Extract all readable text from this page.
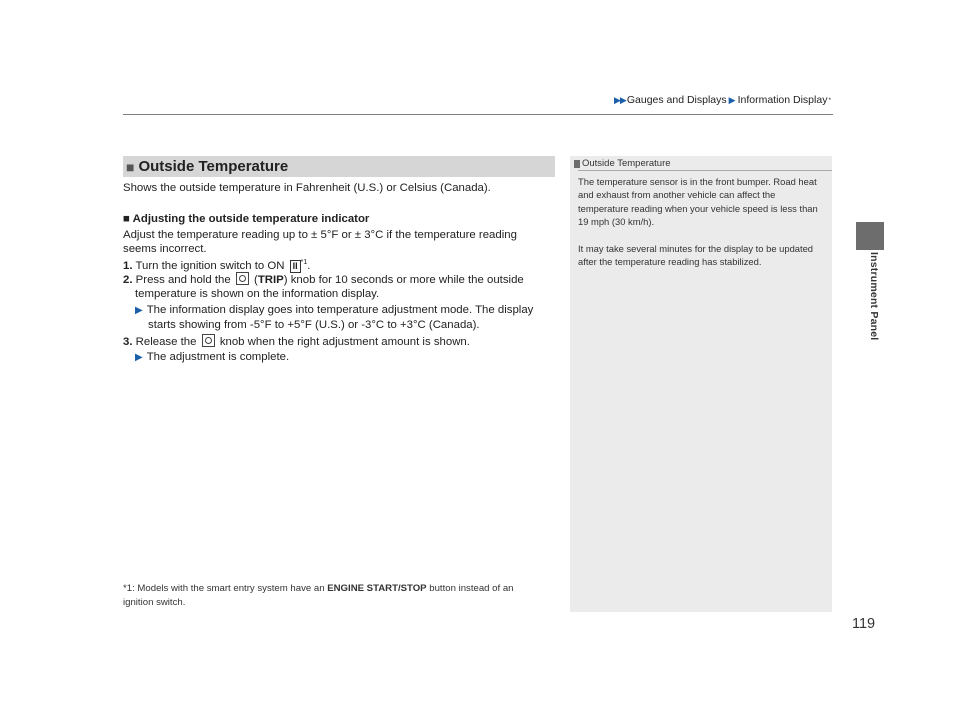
▶▶ Gauges and Displays ▶ Information Display *
Instrument Panel
■ Outside Temperature
Shows the outside temperature in Fahrenheit (U.S.) or Celsius (Canada).
■ Adjusting the outside temperature indicator
Adjust the temperature reading up to ± 5°F or ± 3°C if the temperature reading
seems incorrect.
1. Turn the ignition switch to ON II $^{*1}$.
2. Press and hold the  (TRIP) knob for 10 seconds or more while the outside
temperature is shown on the information display.
▶ The information display goes into temperature adjustment mode. The display
starts showing from -5°F to +5°F (U.S.) or -3°C to +3°C (Canada).
3. Release the knob when the right adjustment amount is shown.
▶ The adjustment is complete.
*1: Models with the smart entry system have an ENGINE START/STOP button instead of an
ignition switch.
Outside Temperature
The temperature sensor is in the front bumper. Road heat and exhaust from another vehicle can affect the temperature reading when your vehicle speed is less than 19 mph (30 km/h).
It may take several minutes for the display to be updated after the temperature reading has stabilized.
119
